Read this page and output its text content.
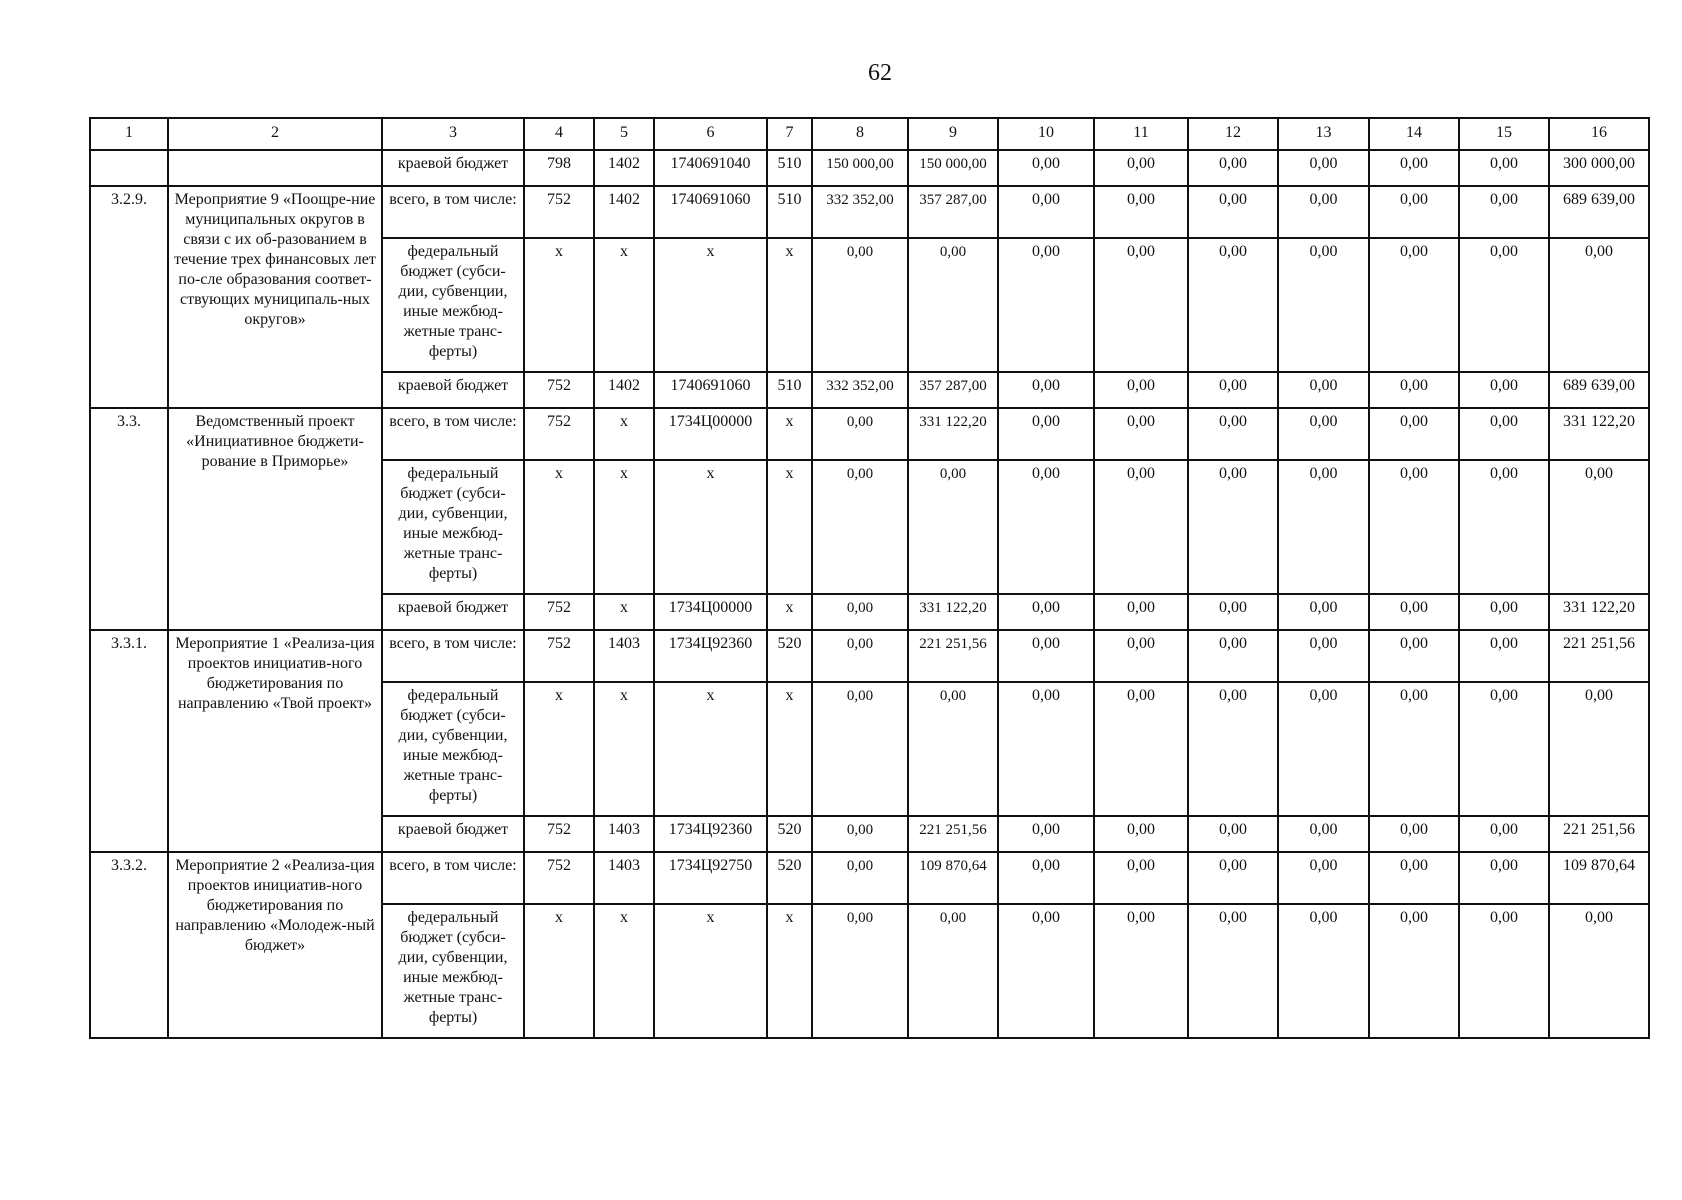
62
1	2	3	4	5	6	7	8	9	10	11	12	13	14	15	16
		краевой бюджет	798	1402	1740691040	510	150 000,00	150 000,00	0,00	0,00	0,00	0,00	0,00	0,00	300 000,00
3.2.9.	Мероприятие 9 «Поощре-ние муниципальных округов в связи с их об-разованием в течение трех финансовых лет по-сле образования соответ-ствующих муниципаль-ных округов»	всего, в том числе:	752	1402	1740691060	510	332 352,00	357 287,00	0,00	0,00	0,00	0,00	0,00	0,00	689 639,00
		федеральный бюджет (субси-дии, субвенции, иные межбюд-жетные транс-ферты)	х	х	х	х	0,00	0,00	0,00	0,00	0,00	0,00	0,00	0,00	0,00
		краевой бюджет	752	1402	1740691060	510	332 352,00	357 287,00	0,00	0,00	0,00	0,00	0,00	0,00	689 639,00
3.3.	Ведомственный проект «Инициативное бюджети-рование в Приморье»	всего, в том числе:	752	х	1734Ц00000	х	0,00	331 122,20	0,00	0,00	0,00	0,00	0,00	0,00	331 122,20
		федеральный бюджет (субси-дии, субвенции, иные межбюд-жетные транс-ферты)	х	х	х	х	0,00	0,00	0,00	0,00	0,00	0,00	0,00	0,00	0,00
		краевой бюджет	752	х	1734Ц00000	х	0,00	331 122,20	0,00	0,00	0,00	0,00	0,00	0,00	331 122,20
3.3.1.	Мероприятие 1 «Реализа-ция проектов инициатив-ного бюджетирования по направлению «Твой проект»	всего, в том числе:	752	1403	1734Ц92360	520	0,00	221 251,56	0,00	0,00	0,00	0,00	0,00	0,00	221 251,56
		федеральный бюджет (субси-дии, субвенции, иные межбюд-жетные транс-ферты)	х	х	х	х	0,00	0,00	0,00	0,00	0,00	0,00	0,00	0,00	0,00
		краевой бюджет	752	1403	1734Ц92360	520	0,00	221 251,56	0,00	0,00	0,00	0,00	0,00	0,00	221 251,56
3.3.2.	Мероприятие 2 «Реализа-ция проектов инициатив-ного бюджетирования по направлению «Молодеж-ный бюджет»	всего, в том числе:	752	1403	1734Ц92750	520	0,00	109 870,64	0,00	0,00	0,00	0,00	0,00	0,00	109 870,64
		федеральный бюджет (субси-дии, субвенции, иные межбюд-жетные транс-ферты)	х	х	х	х	0,00	0,00	0,00	0,00	0,00	0,00	0,00	0,00	0,00
